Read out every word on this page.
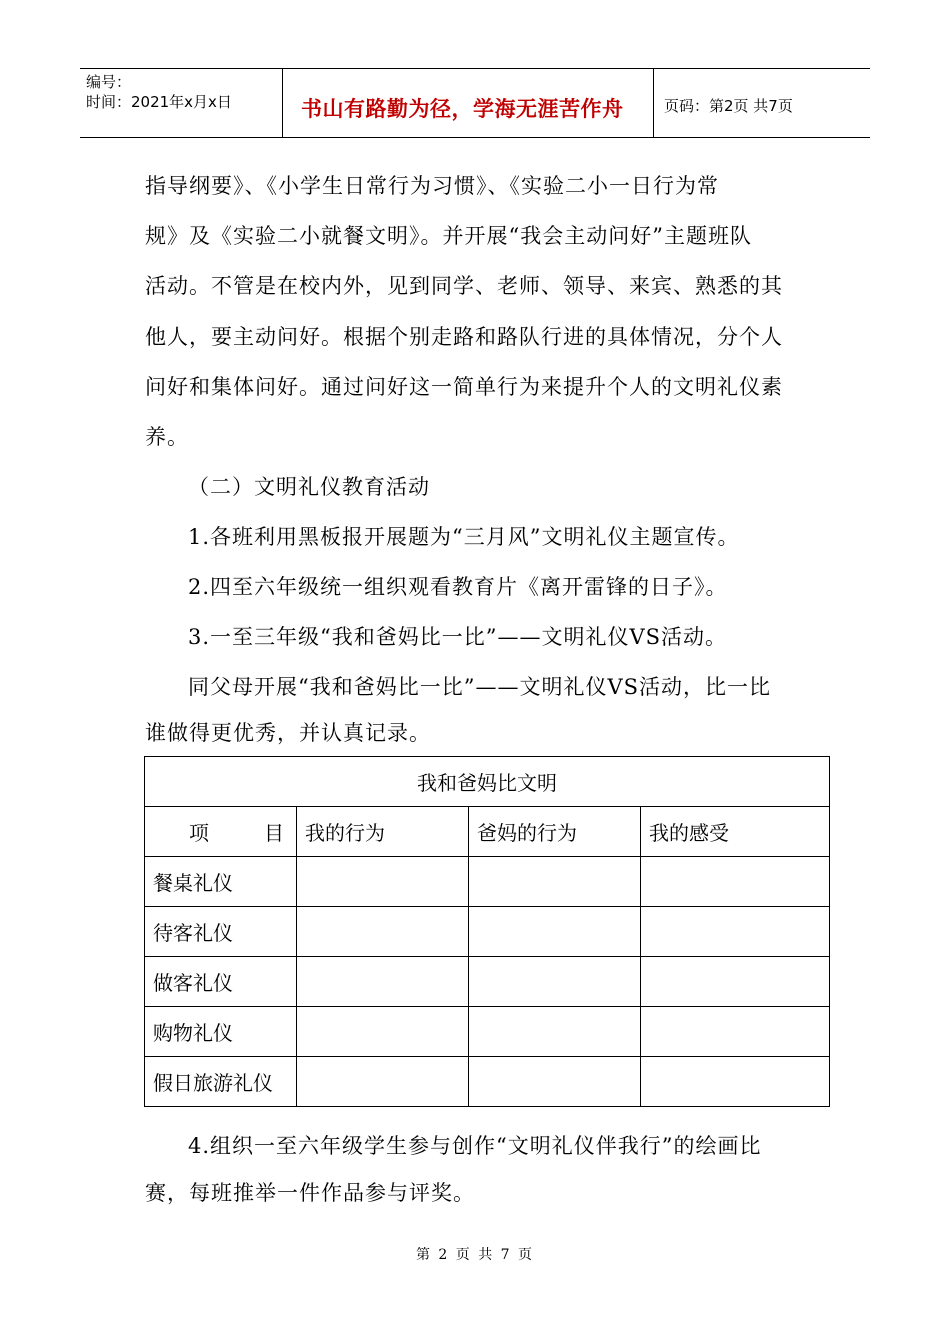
编号：
时间：2021年x月x日	书山有路勤为径，学海无涯苦作舟	页码：第2页 共7页
指导纲要》、《小学生日常行为习惯》、《实验二小一日行为常
规》及《实验二小就餐文明》。并开展“我会主动问好”主题班队
活动。不管是在校内外，见到同学、老师、领导、来宾、熟悉的其
他人，要主动问好。根据个别走路和路队行进的具体情况，分个人
问好和集体问好。通过问好这一简单行为来提升个人的文明礼仪素
养。
（二）文明礼仪教育活动
1.各班利用黑板报开展题为“三月风”文明礼仪主题宣传。
2.四至六年级统一组织观看教育片《离开雷锋的日子》。
3.一至三年级“我和爸妈比一比”——文明礼仪VS活动。
同父母开展“我和爸妈比一比”——文明礼仪VS活动，比一比
谁做得更优秀，并认真记录。
我和爸妈比文明			

项 目	我的行为	爸妈的行为	我的感受
餐桌礼仪			
待客礼仪			
做客礼仪			
购物礼仪			
假日旅游礼仪			
4.组织一至六年级学生参与创作“文明礼仪伴我行”的绘画比
赛，每班推举一件作品参与评奖。
第 2 页 共 7 页
